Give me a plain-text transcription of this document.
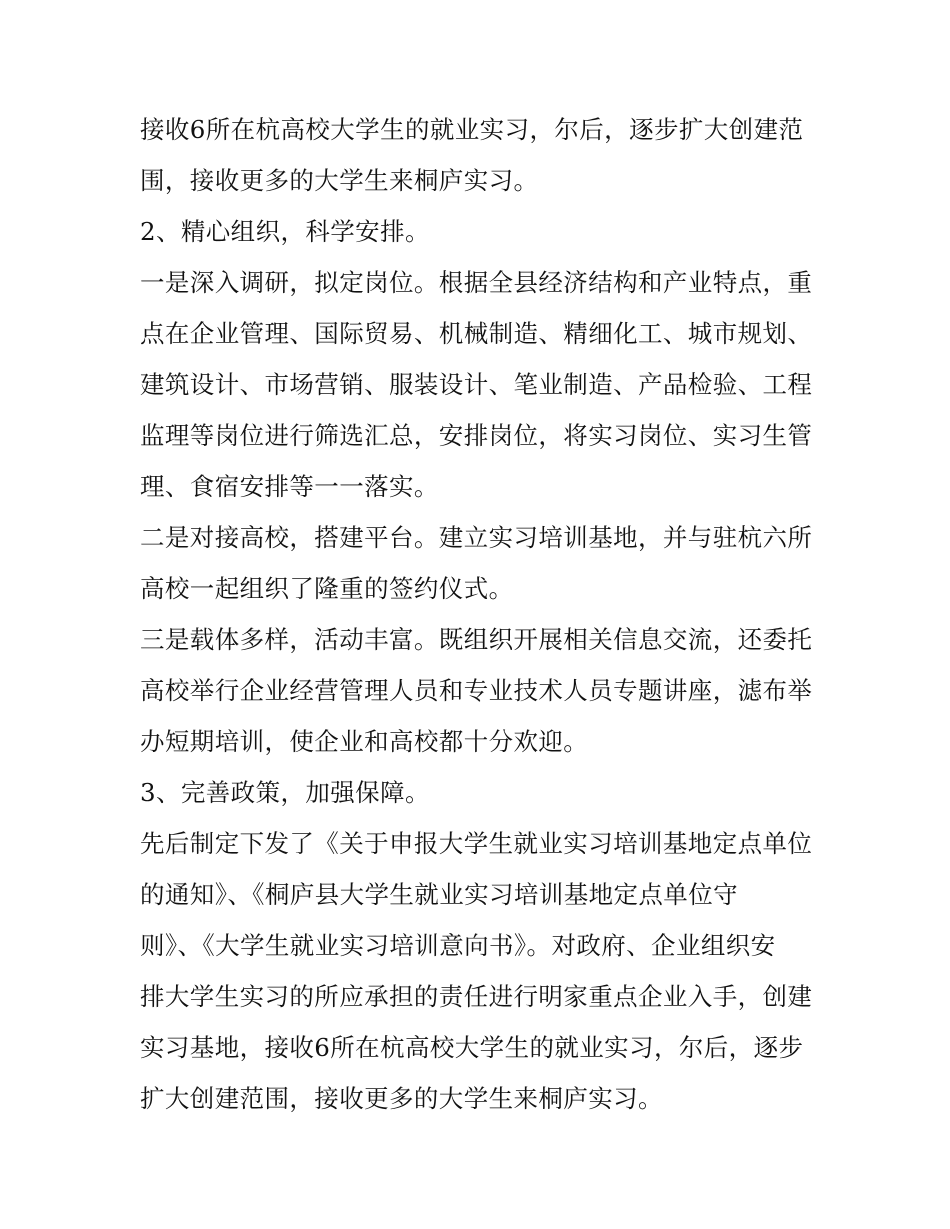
接收6所在杭高校大学生的就业实习，尔后，逐步扩大创建范
围，接收更多的大学生来桐庐实习。
2、精心组织，科学安排。
一是深入调研，拟定岗位。根据全县经济结构和产业特点，重
点在企业管理、国际贸易、机械制造、精细化工、城市规划、
建筑设计、市场营销、服装设计、笔业制造、产品检验、工程
监理等岗位进行筛选汇总，安排岗位，将实习岗位、实习生管
理、食宿安排等一一落实。
二是对接高校，搭建平台。建立实习培训基地，并与驻杭六所
高校一起组织了隆重的签约仪式。
三是载体多样，活动丰富。既组织开展相关信息交流，还委托
高校举行企业经营管理人员和专业技术人员专题讲座，滤布举
办短期培训，使企业和高校都十分欢迎。
3、完善政策，加强保障。
先后制定下发了《关于申报大学生就业实习培训基地定点单位
的通知》、《桐庐县大学生就业实习培训基地定点单位守
则》、《大学生就业实习培训意向书》。对政府、企业组织安
排大学生实习的所应承担的责任进行明家重点企业入手，创建
实习基地，接收6所在杭高校大学生的就业实习，尔后，逐步
扩大创建范围，接收更多的大学生来桐庐实习。
